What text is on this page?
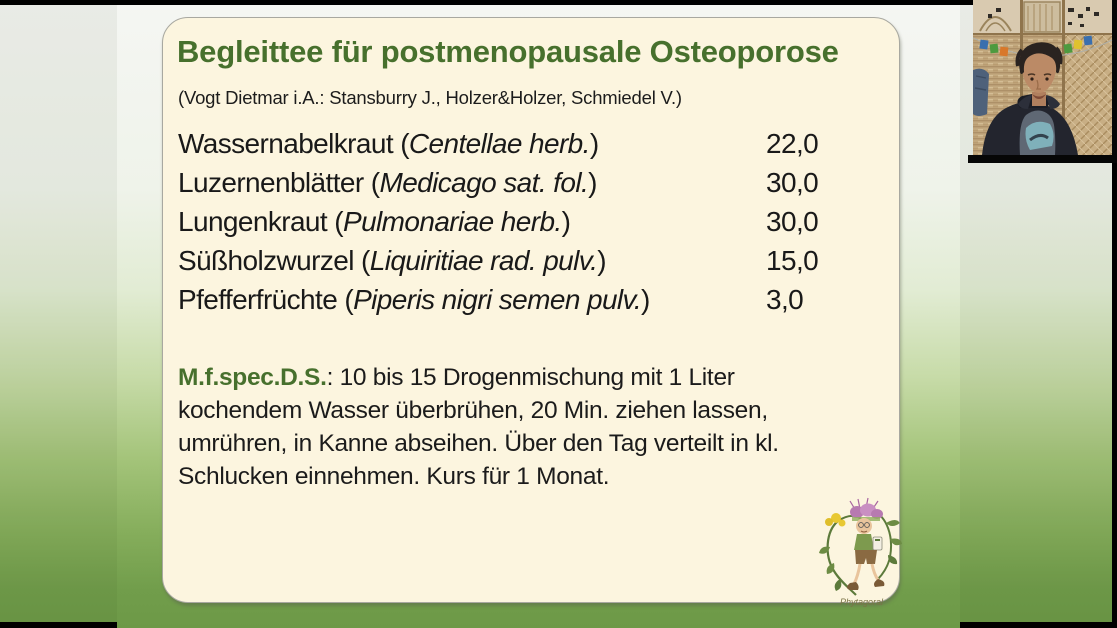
Begleittee für postmenopausale Osteoporose
(Vogt Dietmar i.A.: Stansburry J., Holzer&Holzer, Schmiedel V.)
Wassernabelkraut (Centellae herb.)	22,0
Luzernenblätter (Medicago sat. fol.)	30,0
Lungenkraut (Pulmonariae herb.)	30,0
Süßholzwurzel (Liquiritiae rad. pulv.)	15,0
Pfefferfrüchte (Piperis nigri semen pulv.)	3,0
M.f.spec.D.S.: 10 bis 15 Drogenmischung mit 1 Liter kochendem Wasser überbrühen, 20 Min. ziehen lassen, umrühren, in Kanne abseihen. Über den Tag verteilt in kl. Schlucken einnehmen. Kurs für 1 Monat.
Phytagoral
